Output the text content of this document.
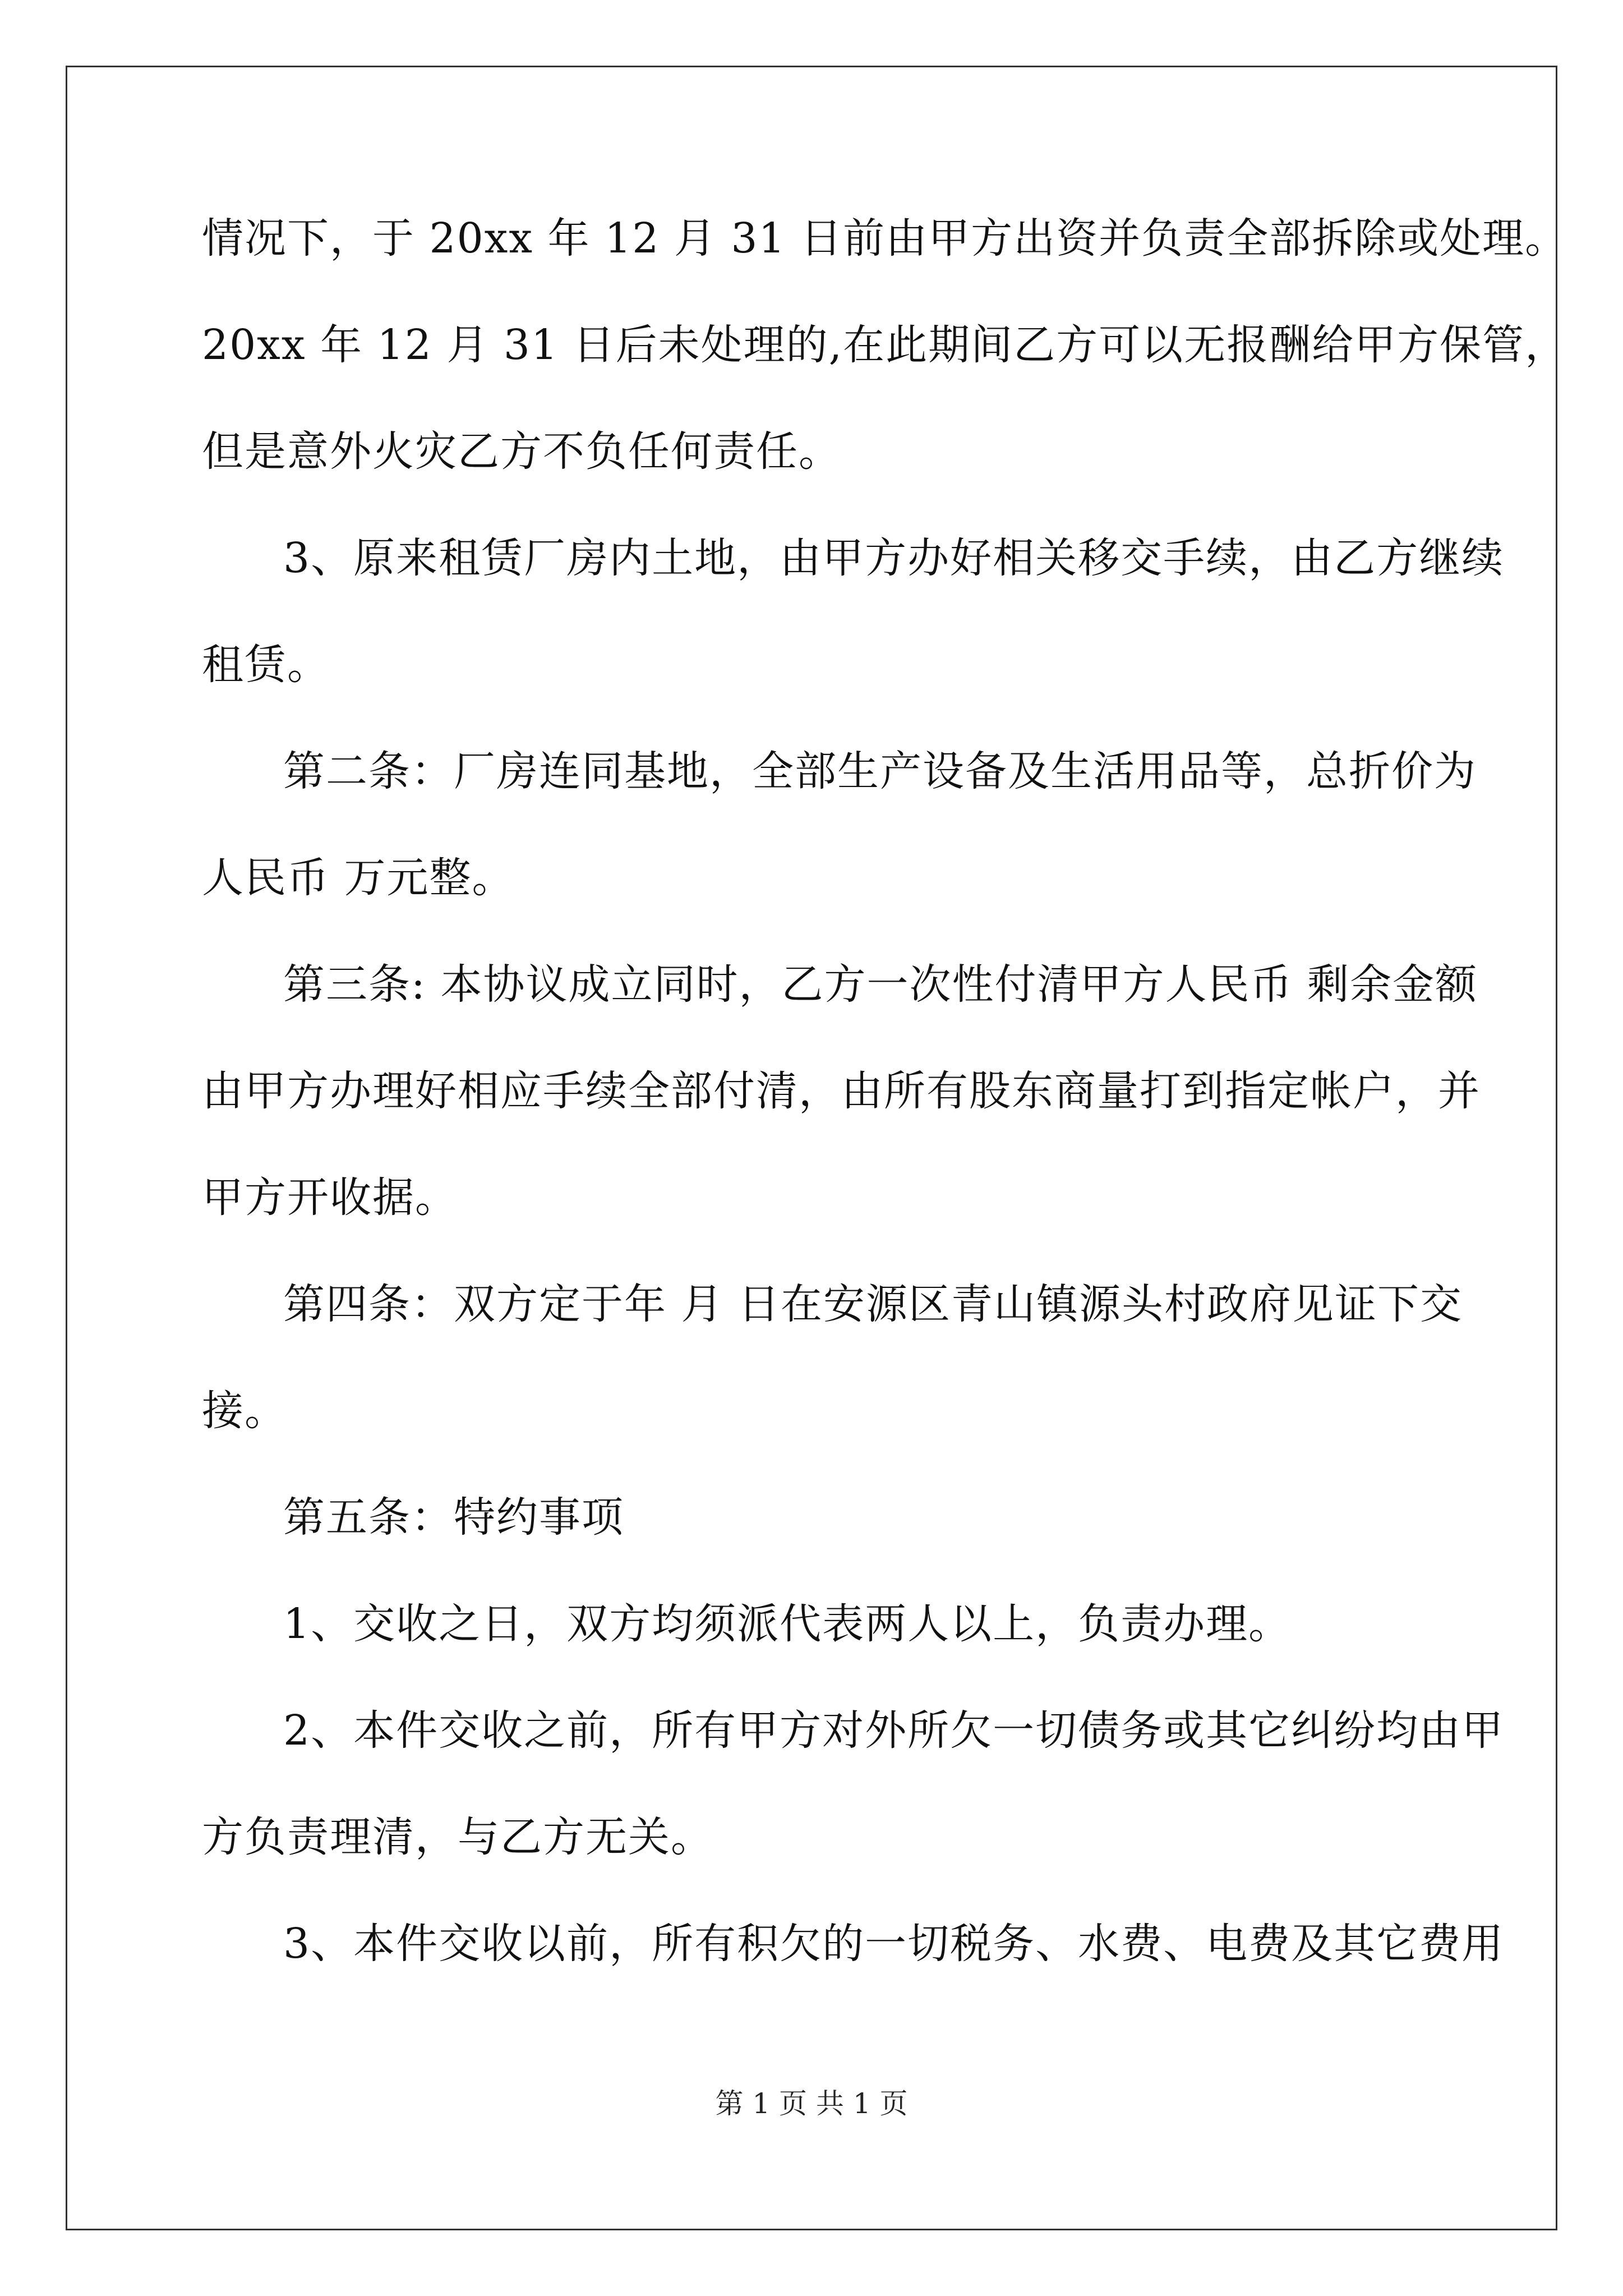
情况下，于 20xx 年 12 月 31 日前由甲方出资并负责全部拆除或处理。
20xx 年 12 月 31 日后未处理的,在此期间乙方可以无报酬给甲方保管，
但是意外火灾乙方不负任何责任。
3、原来租赁厂房内土地，由甲方办好相关移交手续，由乙方继续
租赁。
第二条：厂房连同基地，全部生产设备及生活用品等，总折价为
人民币 万元整。
第三条: 本协议成立同时，乙方一次性付清甲方人民币 剩余金额
由甲方办理好相应手续全部付清，由所有股东商量打到指定帐户，并
甲方开收据。
第四条：双方定于年 月 日在安源区青山镇源头村政府见证下交
接。
第五条：特约事项
1、交收之日，双方均须派代表两人以上，负责办理。
2、本件交收之前，所有甲方对外所欠一切债务或其它纠纷均由甲
方负责理清，与乙方无关。
3、本件交收以前，所有积欠的一切税务、水费、电费及其它费用
第 1 页 共 1 页
